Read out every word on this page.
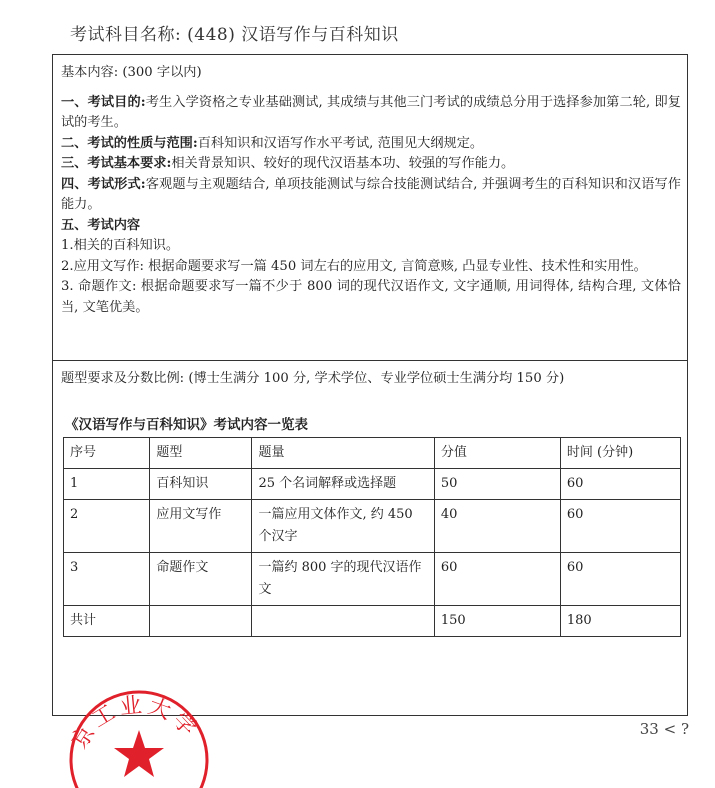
考试科目名称: (448) 汉语写作与百科知识

基本内容: (300 字以内)

一、考试目的:考生入学资格之专业基础测试, 其成绩与其他三门考试的成绩总分用于选择参加第二轮, 即复试的考生。

二、考试的性质与范围:百科知识和汉语写作水平考试, 范围见大纲规定。

三、考试基本要求:相关背景知识、较好的现代汉语基本功、较强的写作能力。

四、考试形式:客观题与主观题结合, 单项技能测试与综合技能测试结合, 并强调考生的百科知识和汉语写作能力。

五、考试内容

1.相关的百科知识。

2.应用文写作: 根据命题要求写一篇 450 词左右的应用文, 言简意赅, 凸显专业性、技术性和实用性。

3. 命题作文: 根据命题要求写一篇不少于 800 词的现代汉语作文, 文字通顺, 用词得体, 结构合理, 文体恰当, 文笔优美。

题型要求及分数比例: (博士生满分 100 分, 学术学位、专业学位硕士生满分均 150 分)

《汉语写作与百科知识》考试内容一览表
序号	题型	题量	分值	时间 (分钟)
1	百科知识	25 个名词解释或选择题	50	60
2	应用文写作	一篇应用文体作文, 约 450 个汉字	40	60
3	命题作文	一篇约 800 字的现代汉语作文	60	60
共计			150	180
京工业大学	33 < ?
